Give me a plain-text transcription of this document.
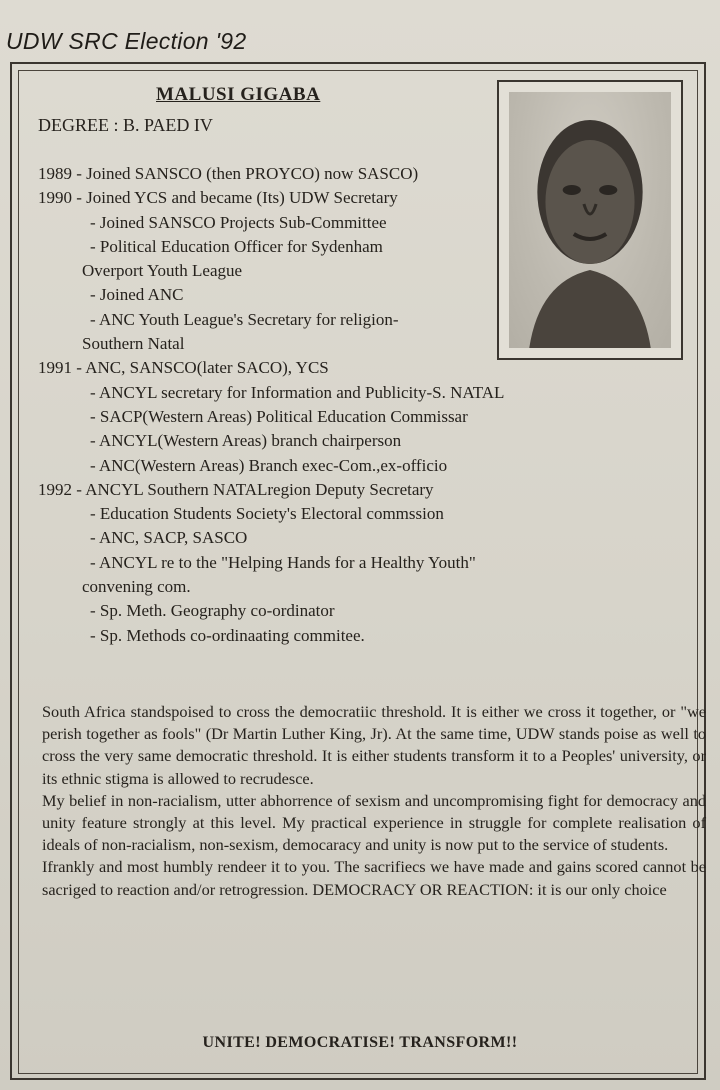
UDW SRC Election '92
MALUSI GIGABA
DEGREE : B. PAED IV
1989 - Joined SANSCO (then PROYCO) now SASCO)
1990 - Joined YCS and became (Its) UDW Secretary
- Joined SANSCO Projects Sub-Committee
- Political Education Officer for Sydenham
Overport Youth League
- Joined ANC
- ANC Youth League's Secretary for religion-
Southern Natal
1991 - ANC, SANSCO(later SACO), YCS
- ANCYL secretary for Information and Publicity-S. NATAL
- SACP(Western Areas) Political Education Commissar
- ANCYL(Western Areas) branch chairperson
- ANC(Western Areas) Branch exec-Com.,ex-officio
1992 - ANCYL Southern NATALregion Deputy Secretary
- Education Students Society's Electoral commssion
- ANC, SACP, SASCO
- ANCYL re to the "Helping Hands for a Healthy Youth"
convening com.
- Sp. Meth. Geography co-ordinator
- Sp. Methods co-ordinaating commitee.

South Africa standspoised to cross the democratiic threshold. It is either we cross it together, or "we perish together as fools" (Dr Martin Luther King, Jr). At the same time, UDW stands poise as well to cross the very same democratic threshold. It is either students transform it to a Peoples' university, or its ethnic stigma is allowed to recrudesce.

My belief in non-racialism, utter abhorrence of sexism and uncompromising fight for democracy and unity feature strongly at this level. My practical experience in struggle for complete realisation of ideals of non-racialism, non-sexism, democaracy and unity is now put to the service of students.

Ifrankly and most humbly rendeer it to you. The sacrifiecs we have made and gains scored cannot be sacriged to reaction and/or retrogression. DEMOCRACY OR REACTION: it is our only choice

UNITE! DEMOCRATISE! TRANSFORM!!
